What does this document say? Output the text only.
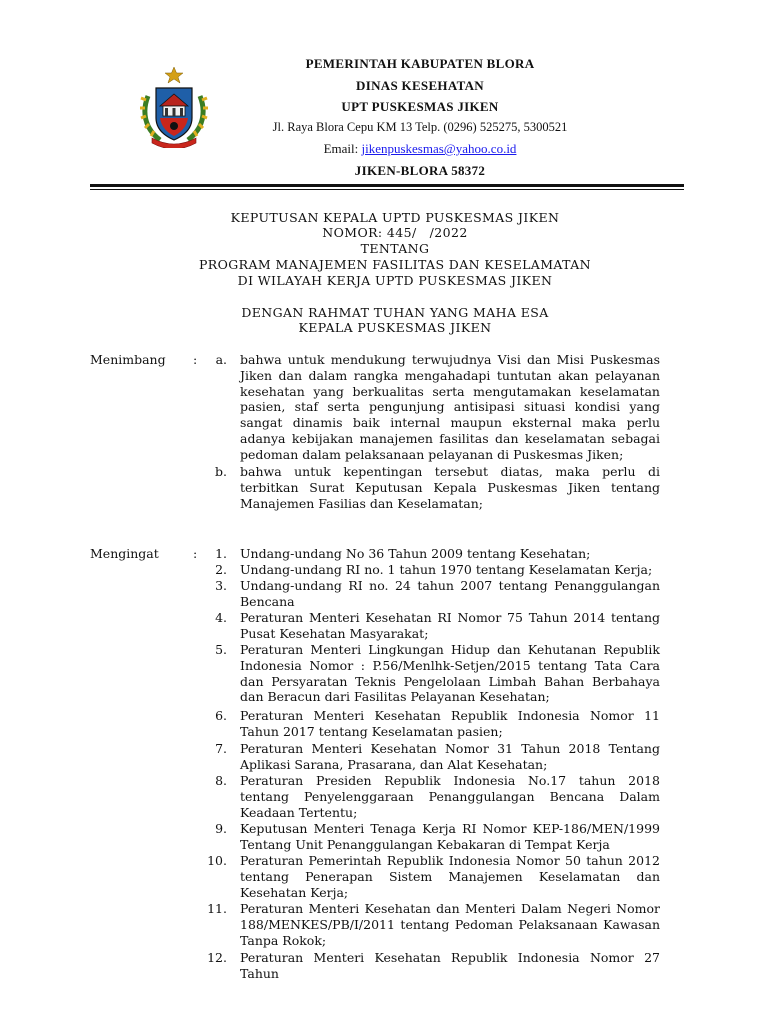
PEMERINTAH KABUPATEN BLORA
DINAS KESEHATAN
UPT PUSKESMAS JIKEN
Jl. Raya Blora Cepu KM 13 Telp. (0296) 525275, 5300521
Email: jikenpuskesmas@yahoo.co.id
JIKEN-BLORA 58372
KEPUTUSAN KEPALA UPTD PUSKESMAS JIKEN
NOMOR: 445/   /2022
TENTANG
PROGRAM MANAJEMEN FASILITAS DAN KESELAMATAN
DI WILAYAH KERJA UPTD PUSKESMAS JIKEN
DENGAN RAHMAT TUHAN YANG MAHA ESA
KEPALA PUSKESMAS JIKEN
Menimbang :	a. bahwa untuk mendukung terwujudnya Visi dan Misi Puskesmas Jiken dan dalam rangka mengahadapi tuntutan akan pelayanan kesehatan yang berkualitas serta mengutamakan keselamatan pasien, staf serta pengunjung antisipasi situasi kondisi yang sangat dinamis baik internal maupun eksternal maka perlu adanya kebijakan manajemen fasilitas dan keselamatan sebagai pedoman dalam pelaksanaan pelayanan di Puskesmas Jiken;
b. bahwa untuk kepentingan tersebut diatas, maka perlu di terbitkan Surat Keputusan Kepala Puskesmas Jiken tentang Manajemen Fasilias dan Keselamatan;
Mengingat	:	1. Undang-undang No 36 Tahun 2009 tentang Kesehatan;
2. Undang-undang RI no. 1 tahun 1970 tentang Keselamatan Kerja;
3. Undang-undang RI no. 24 tahun 2007 tentang Penanggulangan Bencana
4. Peraturan Menteri Kesehatan RI Nomor 75 Tahun 2014 tentang Pusat Kesehatan Masyarakat;
5. Peraturan Menteri Lingkungan Hidup dan Kehutanan Republik Indonesia Nomor : P.56/Menlhk-Setjen/2015 tentang Tata Cara dan Persyaratan Teknis Pengelolaan Limbah Bahan Berbahaya dan Beracun dari Fasilitas Pelayanan Kesehatan;
6. Peraturan Menteri Kesehatan Republik Indonesia Nomor 11 Tahun 2017 tentang Keselamatan pasien;
7. Peraturan Menteri Kesehatan Nomor 31 Tahun 2018 Tentang Aplikasi Sarana, Prasarana, dan Alat Kesehatan;
8. Peraturan Presiden Republik Indonesia No.17 tahun 2018 tentang Penyelenggaraan Penanggulangan Bencana Dalam Keadaan Tertentu;
9. Keputusan Menteri Tenaga Kerja RI Nomor KEP-186/MEN/1999 Tentang Unit Penanggulangan Kebakaran di Tempat Kerja
10. Peraturan Pemerintah Republik Indonesia Nomor 50 tahun 2012 tentang Penerapan Sistem Manajemen Keselamatan dan Kesehatan Kerja;
11. Peraturan Menteri Kesehatan dan Menteri Dalam Negeri Nomor 188/MENKES/PB/I/2011 tentang Pedoman Pelaksanaan Kawasan Tanpa Rokok;
12. Peraturan Menteri Kesehatan Republik Indonesia Nomor 27 Tahun
